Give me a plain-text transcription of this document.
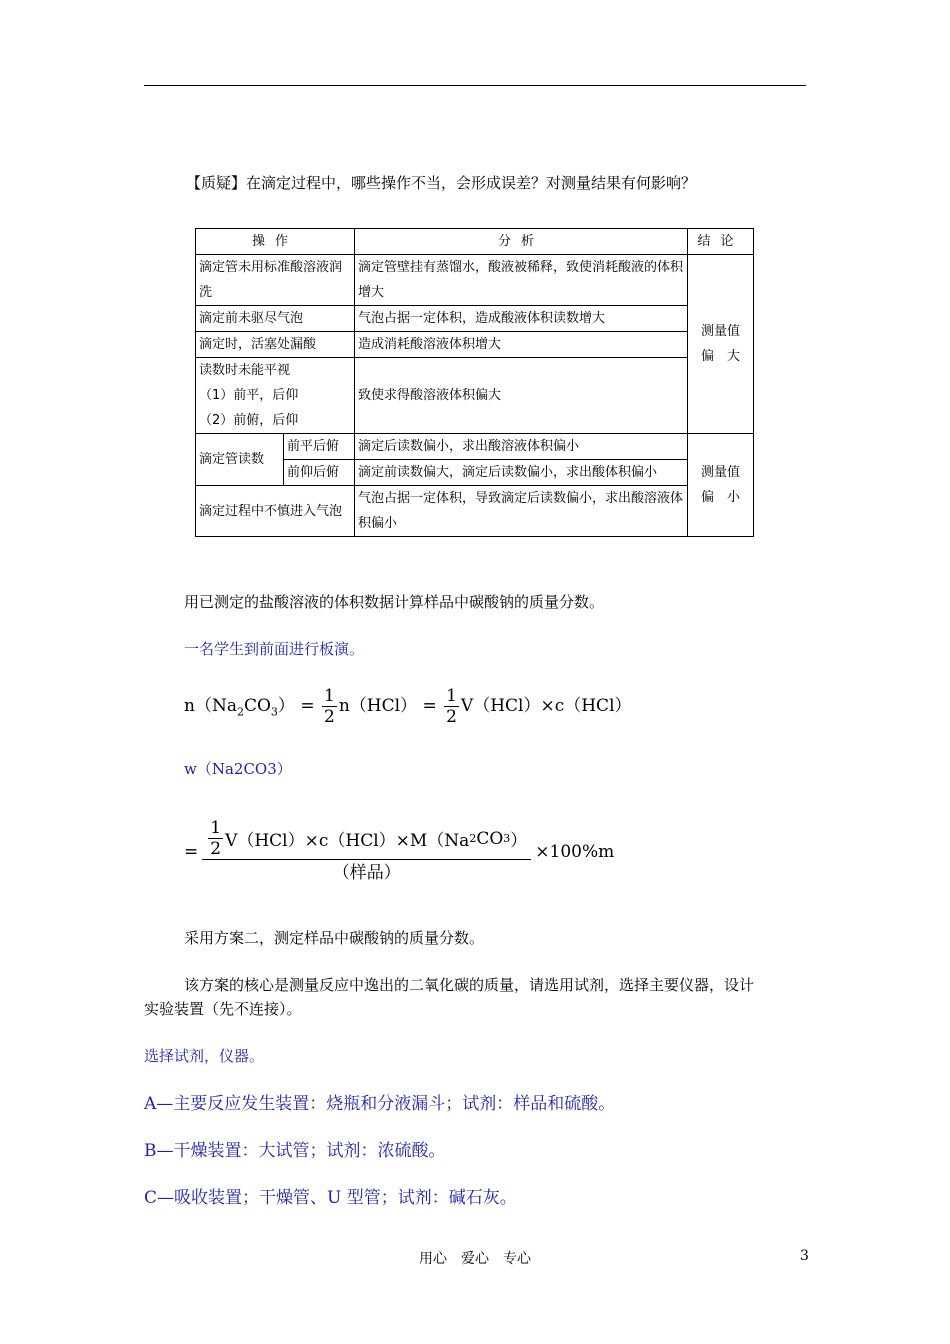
【质疑】在滴定过程中，哪些操作不当，会形成误差？对测量结果有何影响？
操作		分析	结论
滴定管未用标准酸溶液润洗		滴定管壁挂有蒸馏水，酸液被稀释，致使消耗酸液的体积增大	测量值
偏　大

滴定前未驱尽气泡		气泡占据一定体积，造成酸液体积读数增大	
滴定时，活塞处漏酸		造成消耗酸溶液体积增大	

读数时未能平视
（1）前平，后仰
（2）前俯，后仰		致使求得酸溶液体积偏大	
滴定管读数	前平后俯	滴定后读数偏小，求出酸溶液体积偏小	测量值
偏　小

	前仰后俯	滴定前读数偏大，滴定后读数偏小，求出酸体积偏小	
滴定过程中不慎进入气泡		气泡占据一定体积，导致滴定后读数偏小，求出酸溶液体积偏小	
用已测定的盐酸溶液的体积数据计算样品中碳酸钠的质量分数。
一名学生到前面进行板演。
$n(Na_2CO_3) = \frac{1}{2} n(HCl) = \frac{1}{2} V(HCl)\times c(HCl)$
w（Na2CO3）
= $\frac{1}{2} V(HCl)\times c(HCl)\times M(Na$ 2 CO 3 ）
（样品）
×100%m
采用方案二，测定样品中碳酸钠的质量分数。
该方案的核心是测量反应中逸出的二氧化碳的质量，请选用试剂，选择主要仪器，设计
实验装置（先不连接）。
选择试剂，仪器。
A—主要反应发生装置：烧瓶和分液漏斗；试剂：样品和硫酸。
B—干燥装置：大试管；试剂：浓硫酸。
C—吸收装置；干燥管、U 型管；试剂：碱石灰。
用心　爱心　专心	3
